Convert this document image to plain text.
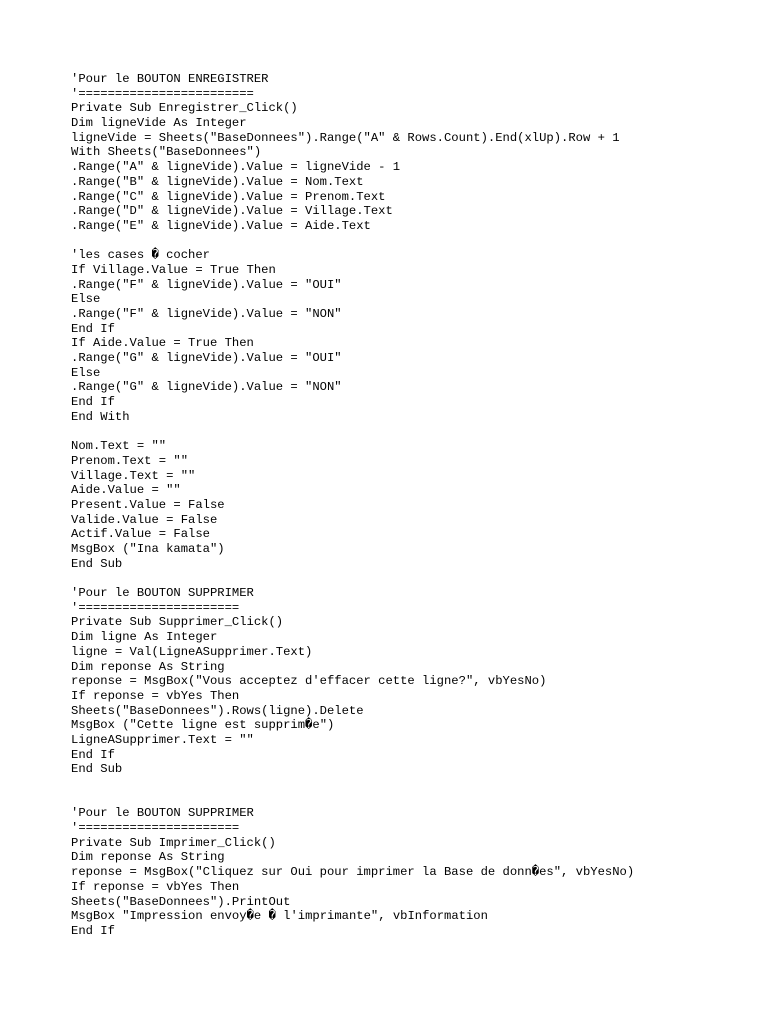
'Pour le BOUTON ENREGISTRER
'========================
Private Sub Enregistrer_Click()
Dim ligneVide As Integer
ligneVide = Sheets("BaseDonnees").Range("A" & Rows.Count).End(xlUp).Row + 1
With Sheets("BaseDonnees")
.Range("A" & ligneVide).Value = ligneVide - 1
.Range("B" & ligneVide).Value = Nom.Text
.Range("C" & ligneVide).Value = Prenom.Text
.Range("D" & ligneVide).Value = Village.Text
.Range("E" & ligneVide).Value = Aide.Text
'les cases � cocher
If Village.Value = True Then
.Range("F" & ligneVide).Value = "OUI"
Else
.Range("F" & ligneVide).Value = "NON"
End If
If Aide.Value = True Then
.Range("G" & ligneVide).Value = "OUI"
Else
.Range("G" & ligneVide).Value = "NON"
End If
End With
Nom.Text = ""
Prenom.Text = ""
Village.Text = ""
Aide.Value = ""
Present.Value = False
Valide.Value = False
Actif.Value = False
MsgBox ("Ina kamata")
End Sub
'Pour le BOUTON SUPPRIMER
'======================
Private Sub Supprimer_Click()
Dim ligne As Integer
ligne = Val(LigneASupprimer.Text)
Dim reponse As String
reponse = MsgBox("Vous acceptez d'effacer cette ligne?", vbYesNo)
If reponse = vbYes Then
Sheets("BaseDonnees").Rows(ligne).Delete
MsgBox ("Cette ligne est supprim�e")
LigneASupprimer.Text = ""
End If
End Sub
'Pour le BOUTON SUPPRIMER
'======================
Private Sub Imprimer_Click()
Dim reponse As String
reponse = MsgBox("Cliquez sur Oui pour imprimer la Base de donn�es", vbYesNo)
If reponse = vbYes Then
Sheets("BaseDonnees").PrintOut
MsgBox "Impression envoy�e � l'imprimante", vbInformation
End If
